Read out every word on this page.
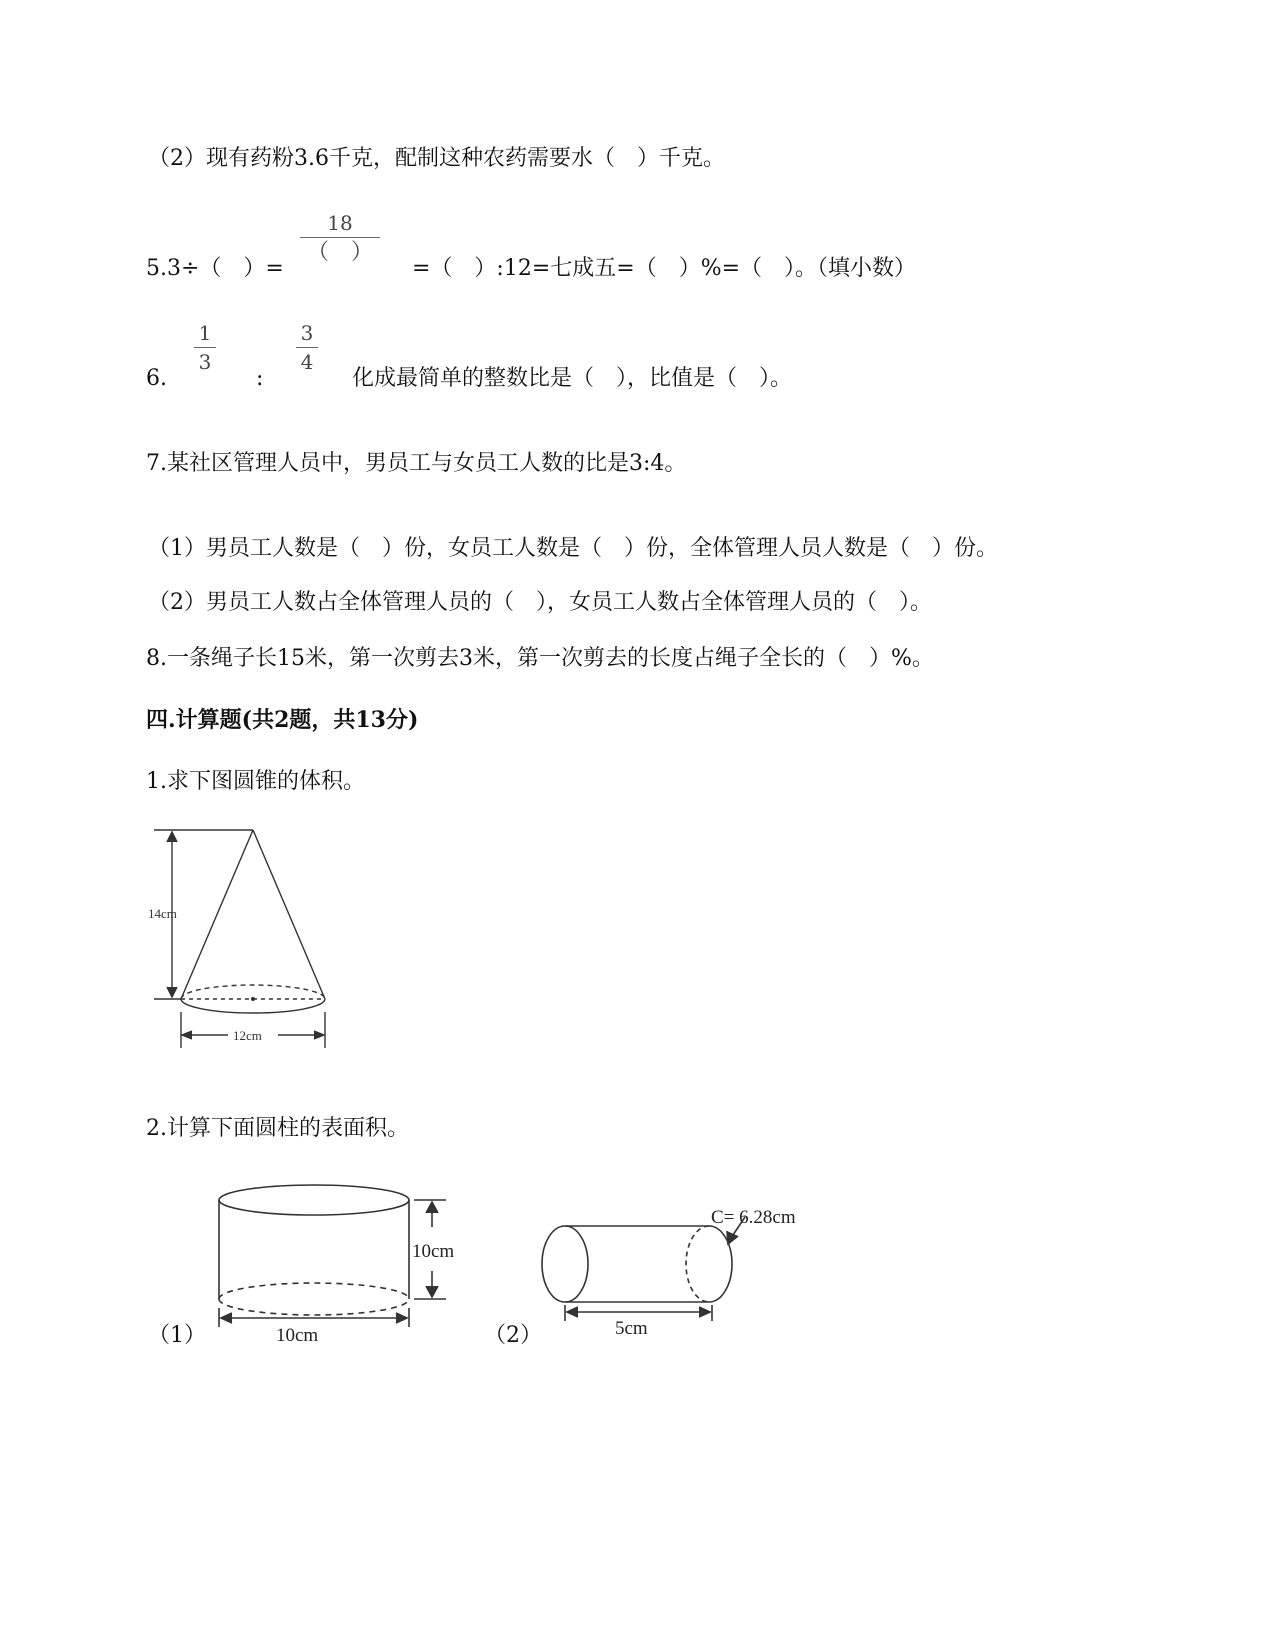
（2）现有药粉3.6千克，配制这种农药需要水（　）千克。
5.3÷（　）=
18
（　）
=（　）:12=七成五=（　）%=（　）。（填小数）
6.
1
3
:
3
4
化成最简单的整数比是（　），比值是（　）。
7.某社区管理人员中，男员工与女员工人数的比是3:4。
（1）男员工人数是（　）份，女员工人数是（　）份，全体管理人员人数是（　）份。
（2）男员工人数占全体管理人员的（　），女员工人数占全体管理人员的（　）。
8.一条绳子长15米，第一次剪去3米，第一次剪去的长度占绳子全长的（　）%。
四.计算题(共2题，共13分)
1.求下图圆锥的体积。
14cm
12cm
2.计算下面圆柱的表面积。
（1）
10cm
10cm	（2）
C= 6.28cm
5cm
